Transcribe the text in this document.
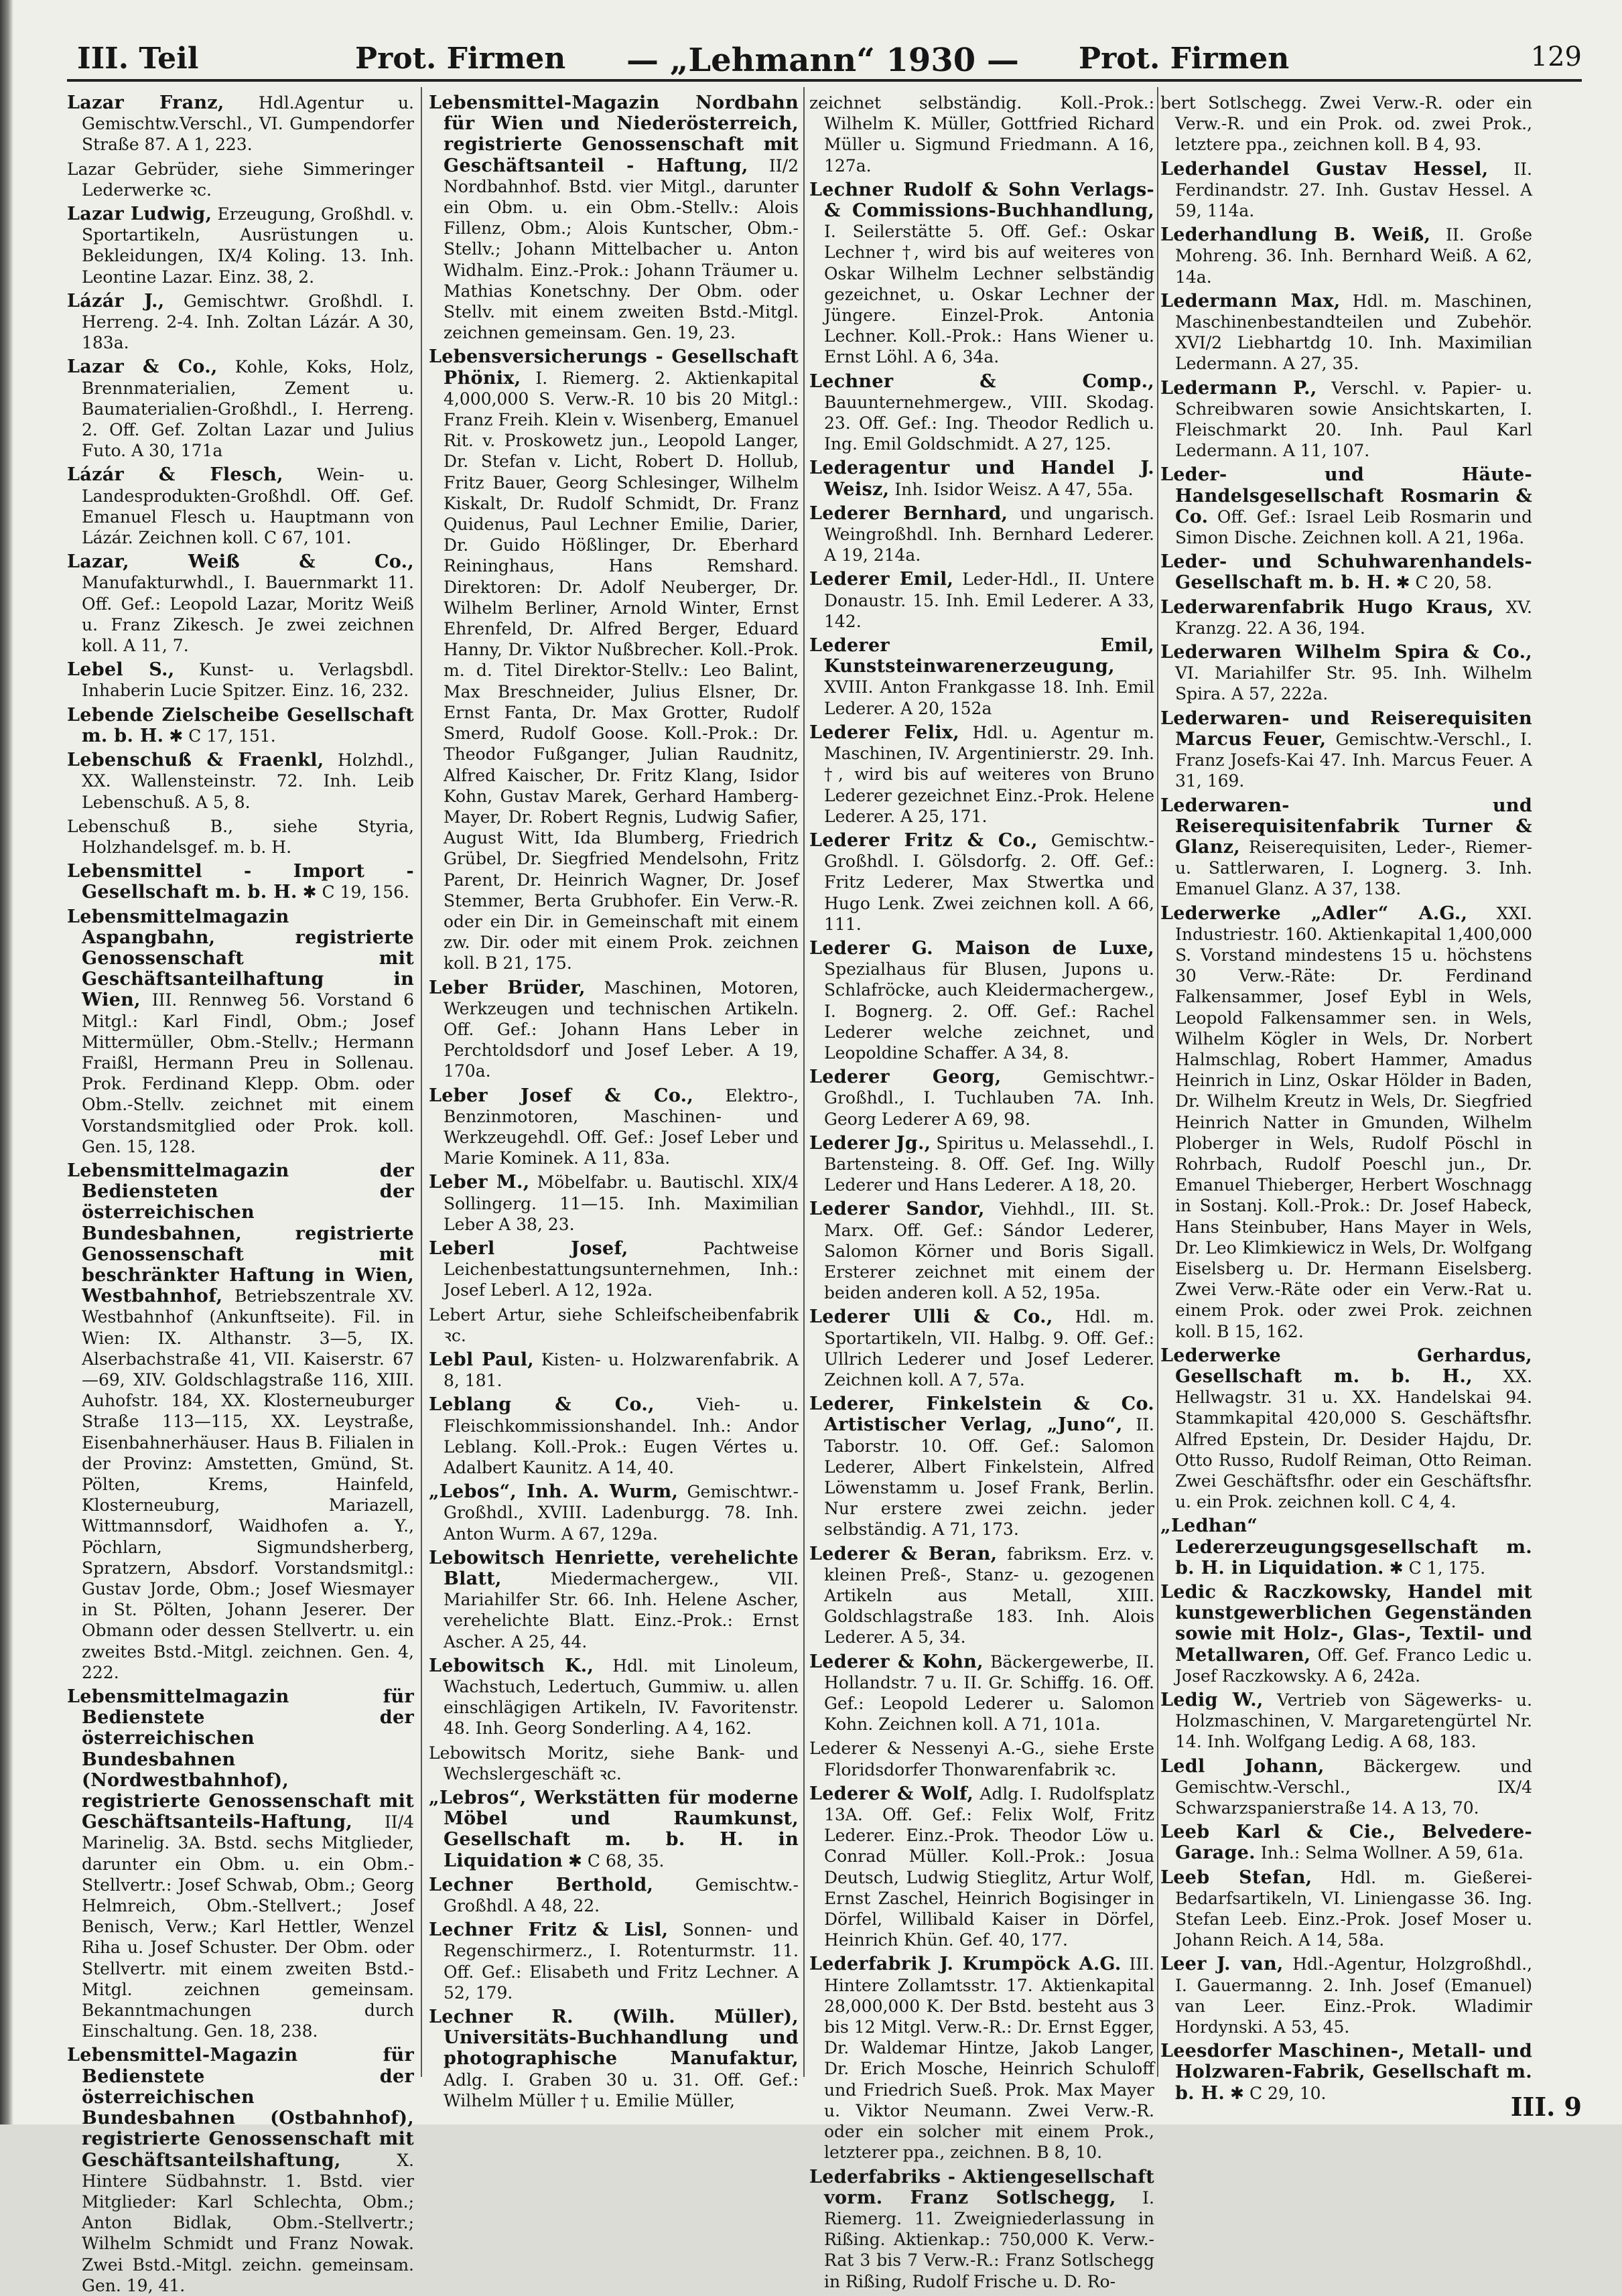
III. Teil	Prot. Firmen — „Lehmann“ 1930 — Prot. Firmen	129

Lazar Franz, Hdl.Agentur u. Gemischtw.Verschl., VI. Gumpendorfer Straße 87. A 1, 223.

Lazar Gebrüder, siehe Simmeringer Lederwerke ꝛc.

Lazar Ludwig, Erzeugung, Großhdl. v. Sportartikeln, Ausrüstungen u. Bekleidungen, IX/4 Koling. 13. Inh. Leontine Lazar. Einz. 38, 2.

Lázár J., Gemischtwr. Großhdl. I. Herreng. 2-4. Inh. Zoltan Lázár. A 30, 183a.

Lazar & Co., Kohle, Koks, Holz, Brennmaterialien, Zement u. Baumaterialien-Großhdl., I. Herreng. 2. Off. Gef. Zoltan Lazar und Julius Futo. A 30, 171a

Lázár & Flesch, Wein- u. Landesprodukten-Großhdl. Off. Gef. Emanuel Flesch u. Hauptmann von Lázár. Zeichnen koll. C 67, 101.

Lazar, Weiß & Co., Manufakturwhdl., I. Bauernmarkt 11. Off. Gef.: Leopold Lazar, Moritz Weiß u. Franz Zikesch. Je zwei zeichnen koll. A 11, 7.

Lebel S., Kunst- u. Verlagsbdl. Inhaberin Lucie Spitzer. Einz. 16, 232.

Lebende Zielscheibe Gesellschaft m. b. H. ✱ C 17, 151.

Lebenschuß & Fraenkl, Holzhdl., XX. Wallensteinstr. 72. Inh. Leib Lebenschuß. A 5, 8.

Lebenschuß B., siehe Styria, Holzhandelsgef. m. b. H.

Lebensmittel - Import - Gesellschaft m. b. H. ✱ C 19, 156.

Lebensmittelmagazin Aspangbahn, registrierte Genossenschaft mit Geschäftsanteilhaftung in Wien, III. Rennweg 56. Vorstand 6 Mitgl.: Karl Findl, Obm.; Josef Mittermüller, Obm.-Stellv.; Hermann Fraißl, Hermann Preu in Sollenau. Prok. Ferdinand Klepp. Obm. oder Obm.-Stellv. zeichnet mit einem Vorstandsmitglied oder Prok. koll. Gen. 15, 128.

Lebensmittelmagazin der Bediensteten der österreichischen Bundesbahnen, registrierte Genossenschaft mit beschränkter Haftung in Wien, Westbahnhof, Betriebszentrale XV. Westbahnhof (Ankunftseite). Fil. in Wien: IX. Althanstr. 3—5, IX. Alserbachstraße 41, VII. Kaiserstr. 67—69, XIV. Goldschlagstraße 116, XIII. Auhofstr. 184, XX. Klosterneuburger Straße 113—115, XX. Leystraße, Eisenbahnerhäuser. Haus B. Filialen in der Provinz: Amstetten, Gmünd, St. Pölten, Krems, Hainfeld, Klosterneuburg, Mariazell, Wittmannsdorf, Waidhofen a. Y., Pöchlarn, Sigmundsherberg, Spratzern, Absdorf. Vorstandsmitgl.: Gustav Jorde, Obm.; Josef Wiesmayer in St. Pölten, Johann Jeserer. Der Obmann oder dessen Stellvertr. u. ein zweites Bstd.-Mitgl. zeichnen. Gen. 4, 222.

Lebensmittelmagazin für Bedienstete der österreichischen Bundesbahnen (Nordwestbahnhof), registrierte Genossenschaft mit Geschäftsanteils-Haftung, II/4 Marinelig. 3A. Bstd. sechs Mitglieder, darunter ein Obm. u. ein Obm.-Stellvertr.: Josef Schwab, Obm.; Georg Helmreich, Obm.-Stellvert.; Josef Benisch, Verw.; Karl Hettler, Wenzel Riha u. Josef Schuster. Der Obm. oder Stellvertr. mit einem zweiten Bstd.-Mitgl. zeichnen gemeinsam. Bekanntmachungen durch Einschaltung. Gen. 18, 238.

Lebensmittel-Magazin für Bedienstete der österreichischen Bundesbahnen (Ostbahnhof), registrierte Genossenschaft mit Geschäftsanteilshaftung,	X. Hintere Südbahnstr. 1. Bstd. vier Mitglieder: Karl Schlechta, Obm.; Anton Bidlak, Obm.-Stellvertr.; Wilhelm Schmidt und Franz Nowak. Zwei Bstd.-Mitgl. zeichn. gemeinsam. Gen. 19, 41.

Lebensmittel-Magazin Nordbahn für Wien und Niederösterreich, registrierte Genossenschaft mit Geschäftsanteil - Haftung, II/2 Nordbahnhof. Bstd. vier Mitgl., darunter ein Obm. u. ein Obm.-Stellv.: Alois Fillenz, Obm.; Alois Kuntscher, Obm.-Stellv.; Johann Mittelbacher u. Anton Widhalm. Einz.-Prok.: Johann Träumer u. Mathias Konetschny. Der Obm. oder Stellv. mit einem zweiten Bstd.-Mitgl. zeichnen gemeinsam. Gen. 19, 23.

Lebensversicherungs - Gesellschaft Phönix, I. Riemerg. 2. Aktienkapital 4,000,000 S. Verw.-R. 10 bis 20 Mitgl.: Franz Freih. Klein v. Wisenberg, Emanuel Rit. v. Proskowetz jun., Leopold Langer, Dr. Stefan v. Licht, Robert D. Hollub, Fritz Bauer, Georg Schlesinger, Wilhelm Kiskalt, Dr. Rudolf Schmidt, Dr. Franz Quidenus, Paul Lechner Emilie, Darier, Dr. Guido Hößlinger, Dr. Eberhard Reininghaus, Hans Remshard. Direktoren: Dr. Adolf Neuberger, Dr. Wilhelm Berliner, Arnold Winter, Ernst Ehrenfeld, Dr. Alfred Berger, Eduard Hanny, Dr. Viktor Nußbrecher. Koll.-Prok. m. d. Titel Direktor-Stellv.: Leo Balint, Max Breschneider, Julius Elsner, Dr. Ernst Fanta, Dr. Max Grotter, Rudolf Smerd, Rudolf Goose. Koll.-Prok.: Dr. Theodor Fußganger, Julian Raudnitz, Alfred Kaischer, Dr. Fritz Klang, Isidor Kohn, Gustav Marek, Gerhard Hamberg-Mayer, Dr. Robert Regnis, Ludwig Safier, August Witt, Ida Blumberg, Friedrich Grübel, Dr. Siegfried Mendelsohn, Fritz Parent, Dr. Heinrich Wagner, Dr. Josef Stemmer, Berta Grubhofer. Ein Verw.-R. oder ein Dir. in Gemeinschaft mit einem zw. Dir. oder mit einem Prok. zeichnen koll. B 21, 175.

Leber Brüder, Maschinen, Motoren, Werkzeugen und technischen Artikeln. Off. Gef.: Johann Hans Leber in Perchtoldsdorf und Josef Leber. A 19, 170a.

Leber Josef & Co., Elektro-, Benzinmotoren, Maschinen- und Werkzeugehdl. Off. Gef.: Josef Leber und Marie Kominek. A 11, 83a.

Leber M., Möbelfabr. u. Bautischl. XIX/4 Sollingerg. 11—15. Inh. Maximilian Leber A 38, 23.

Leberl Josef,	Pachtweise Leichenbestattungsunternehmen, Inh.: Josef Leberl. A 12, 192a.

Lebert Artur, siehe Schleifscheibenfabrik ꝛc.

Lebl Paul, Kisten- u. Holzwarenfabrik. A 8, 181.

Leblang & Co.,	Vieh- u. Fleischkommissionshandel. Inh.: Andor Leblang. Koll.-Prok.: Eugen Vértes u. Adalbert Kaunitz. A 14, 40.

„Lebos“, Inh. A. Wurm, Gemischtwr.-Großhdl., XVIII. Ladenburgg. 78. Inh. Anton Wurm. A 67, 129a.

Lebowitsch Henriette, verehelichte Blatt,	Miedermachergew., VII. Mariahilfer Str. 66. Inh. Helene Ascher, verehelichte Blatt. Einz.-Prok.: Ernst Ascher. A 25, 44.

Lebowitsch K., Hdl. mit Linoleum, Wachstuch, Ledertuch, Gummiw. u. allen einschlägigen Artikeln, IV. Favoritenstr. 48. Inh. Georg Sonderling. A 4, 162.

Lebowitsch Moritz, siehe Bank- und Wechslergeschäft ꝛc.

„Lebros“, Werkstätten für moderne Möbel und Raumkunst, Gesellschaft m. b. H. in Liquidation ✱ C 68, 35.

Lechner Berthold,	Gemischtw.-Großhdl. A 48, 22.

Lechner Fritz & Lisl, Sonnen- und Regenschirmerz., I. Rotenturmstr. 11. Off. Gef.: Elisabeth und Fritz Lechner. A 52, 179.

Lechner R. (Wilh. Müller), Universitäts-Buchhandlung und photographische Manufaktur, Adlg. I. Graben 30 u. 31. Off. Gef.: Wilhelm Müller † u. Emilie Müller,

zeichnet selbständig. Koll.-Prok.: Wilhelm K. Müller, Gottfried Richard Müller u. Sigmund Friedmann. A 16, 127a.

Lechner Rudolf & Sohn Verlags- & Commissions-Buchhandlung, I. Seilerstätte 5. Off. Gef.: Oskar Lechner †, wird bis auf weiteres von Oskar Wilhelm Lechner selbständig gezeichnet, u. Oskar Lechner der Jüngere. Einzel-Prok. Antonia Lechner. Koll.-Prok.: Hans Wiener u. Ernst Löhl. A 6, 34a.

Lechner & Comp., Bauunternehmergew., VIII. Skodag. 23. Off. Gef.: Ing. Theodor Redlich u. Ing. Emil Goldschmidt. A 27, 125.

Lederagentur und Handel J. Weisz, Inh. Isidor Weisz. A 47, 55a.

Lederer Bernhard, und ungarisch. Weingroßhdl. Inh. Bernhard Lederer. A 19, 214a.

Lederer Emil, Leder-Hdl., II. Untere Donaustr. 15. Inh. Emil Lederer. A 33, 142.

Lederer Emil, Kunststeinwarenerzeugung, XVIII. Anton Frankgasse 18. Inh. Emil Lederer. A 20, 152a

Lederer Felix, Hdl. u. Agentur m. Maschinen, IV. Argentinierstr. 29. Inh. †, wird bis auf weiteres von Bruno Lederer gezeichnet Einz.-Prok. Helene Lederer. A 25, 171.

Lederer Fritz & Co., Gemischtw.-Großhdl. I. Gölsdorfg. 2. Off. Gef.: Fritz Lederer, Max Stwertka und Hugo Lenk. Zwei zeichnen koll. A 66, 111.

Lederer G. Maison de Luxe, Spezialhaus für Blusen, Jupons u. Schlafröcke, auch Kleidermachergew., I. Bognerg. 2. Off. Gef.: Rachel Lederer welche zeichnet, und Leopoldine Schaffer. A 34, 8.

Lederer Georg, Gemischtwr.-Großhdl., I. Tuchlauben 7A. Inh. Georg Lederer A 69, 98.

Lederer Jg., Spiritus u. Melassehdl., I. Bartensteing. 8. Off. Gef. Ing. Willy Lederer und Hans Lederer. A 18, 20.

Lederer Sandor, Viehhdl., III. St. Marx. Off. Gef.: Sándor Lederer, Salomon Körner und Boris Sigall. Ersterer zeichnet mit einem der beiden anderen koll. A 52, 195a.

Lederer Ulli & Co., Hdl. m. Sportartikeln, VII. Halbg. 9. Off. Gef.: Ullrich Lederer und Josef Lederer. Zeichnen koll. A 7, 57a.

Lederer, Finkelstein & Co. Artistischer Verlag, „Juno“, II. Taborstr. 10. Off. Gef.: Salomon Lederer, Albert Finkelstein, Alfred Löwenstamm u. Josef Frank, Berlin. Nur erstere zwei zeichn. jeder selbständig. A 71, 173.

Lederer & Beran, fabriksm. Erz. v. kleinen Preß-, Stanz- u. gezogenen Artikeln aus Metall, XIII. Goldschlagstraße 183. Inh. Alois Lederer. A 5, 34.

Lederer & Kohn, Bäckergewerbe, II. Hollandstr. 7 u. II. Gr. Schiffg. 16. Off. Gef.: Leopold Lederer u. Salomon Kohn. Zeichnen koll. A 71, 101a.

Lederer & Nessenyi A.-G., siehe Erste Floridsdorfer Thonwarenfabrik ꝛc.

Lederer & Wolf, Adlg. I. Rudolfsplatz 13A. Off. Gef.: Felix Wolf, Fritz Lederer. Einz.-Prok. Theodor Löw u. Conrad Müller. Koll.-Prok.: Josua Deutsch, Ludwig Stieglitz, Artur Wolf, Ernst Zaschel, Heinrich Bogisinger in Dörfel, Willibald Kaiser in Dörfel, Heinrich Khün. Gef. 40, 177.

Lederfabrik J. Krumpöck A.G. III. Hintere Zollamtsstr. 17. Aktienkapital 28,000,000 K. Der Bstd. besteht aus 3 bis 12 Mitgl. Verw.-R.: Dr. Ernst Egger, Dr. Waldemar Hintze, Jakob Langer, Dr. Erich Mosche, Heinrich Schuloff und Friedrich Sueß. Prok. Max Mayer u. Viktor Neumann. Zwei Verw.-R. oder ein solcher mit einem Prok., letzterer ppa., zeichnen. B 8, 10.

Lederfabriks - Aktiengesellschaft vorm. Franz Sotlschegg, I. Riemerg. 11. Zweigniederlassung in Rißing. Aktienkap.: 750,000 K. Verw.-Rat 3 bis 7 Verw.-R.: Franz Sotlschegg in Rißing, Rudolf Frische u. D. Ro-

bert Sotlschegg. Zwei Verw.-R. oder ein Verw.-R. und ein Prok. od. zwei Prok., letztere ppa., zeichnen koll. B 4, 93.

Lederhandel Gustav Hessel, II. Ferdinandstr. 27. Inh. Gustav Hessel. A 59, 114a.

Lederhandlung B. Weiß, II. Große Mohreng. 36. Inh. Bernhard Weiß. A 62, 14a.

Ledermann Max, Hdl. m. Maschinen, Maschinenbestandteilen und Zubehör. XVI/2 Liebhartdg 10. Inh. Maximilian Ledermann. A 27, 35.

Ledermann P., Verschl. v. Papier- u. Schreibwaren sowie Ansichtskarten, I. Fleischmarkt 20. Inh. Paul Karl Ledermann. A 11, 107.

Leder- und Häute-Handelsgesellschaft Rosmarin & Co. Off. Gef.: Israel Leib Rosmarin und Simon Dische. Zeichnen koll. A 21, 196a.

Leder- und Schuhwarenhandels-Gesellschaft m. b. H. ✱ C 20, 58.

Lederwarenfabrik Hugo Kraus, XV. Kranzg. 22. A 36, 194.

Lederwaren Wilhelm Spira & Co., VI. Mariahilfer Str. 95. Inh. Wilhelm Spira. A 57, 222a.

Lederwaren- und Reiserequisiten Marcus Feuer, Gemischtw.-Verschl., I. Franz Josefs-Kai 47. Inh. Marcus Feuer. A 31, 169.

Lederwaren- und Reiserequisitenfabrik Turner & Glanz, Reiserequisiten, Leder-, Riemer- u. Sattlerwaren, I. Lognerg. 3. Inh. Emanuel Glanz. A 37, 138.

Lederwerke „Adler“ A.G., XXI. Industriestr. 160. Aktienkapital 1,400,000 S. Vorstand mindestens 15 u. höchstens 30 Verw.-Räte: Dr. Ferdinand Falkensammer, Josef Eybl in Wels, Leopold Falkensammer sen. in Wels, Wilhelm Kögler in Wels, Dr. Norbert Halmschlag, Robert Hammer, Amadus Heinrich in Linz, Oskar Hölder in Baden, Dr. Wilhelm Kreutz in Wels, Dr. Siegfried Heinrich Natter in Gmunden, Wilhelm Ploberger in Wels, Rudolf Pöschl in Rohrbach, Rudolf Poeschl jun., Dr. Emanuel Thieberger, Herbert Woschnagg in Sostanj. Koll.-Prok.: Dr. Josef Habeck, Hans Steinbuber, Hans Mayer in Wels, Dr. Leo Klimkiewicz in Wels, Dr. Wolfgang Eiselsberg u. Dr. Hermann Eiselsberg. Zwei Verw.-Räte oder ein Verw.-Rat u. einem Prok. oder zwei Prok. zeichnen koll. B 15, 162.

Lederwerke Gerhardus, Gesellschaft m. b. H., XX. Hellwagstr. 31 u. XX. Handelskai 94. Stammkapital 420,000 S. Geschäftsfhr. Alfred Epstein, Dr. Desider Hajdu, Dr. Otto Russo, Rudolf Reiman, Otto Reiman. Zwei Geschäftsfhr. oder ein Geschäftsfhr. u. ein Prok. zeichnen koll. C 4, 4.

„Ledhan“ Ledererzeugungsgesellschaft m. b. H. in Liquidation. ✱ C 1, 175.

Ledic & Raczkowsky, Handel mit kunstgewerblichen Gegenständen sowie mit Holz-, Glas-, Textil- und Metallwaren, Off. Gef. Franco Ledic u. Josef Raczkowsky. A 6, 242a.

Ledig W., Vertrieb von Sägewerks- u. Holzmaschinen, V. Margaretengürtel Nr. 14. Inh. Wolfgang Ledig. A 68, 183.

Ledl Johann, Bäckergew. und Gemischtw.-Verschl., IX/4 Schwarzspanierstraße 14. A 13, 70.

Leeb Karl & Cie., Belvedere-Garage. Inh.: Selma Wollner. A 59, 61a.

Leeb Stefan, Hdl. m. Gießerei-Bedarfsartikeln, VI. Liniengasse 36. Ing. Stefan Leeb. Einz.-Prok. Josef Moser u. Johann Reich. A 14, 58a.

Leer J. van, Hdl.-Agentur, Holzgroßhdl., I. Gauermanng. 2. Inh. Josef (Emanuel) van Leer. Einz.-Prok. Wladimir Hordynski. A 53, 45.

Leesdorfer Maschinen-, Metall- und Holzwaren-Fabrik, Gesellschaft m. b. H. ✱ C 29, 10.	III. 9
